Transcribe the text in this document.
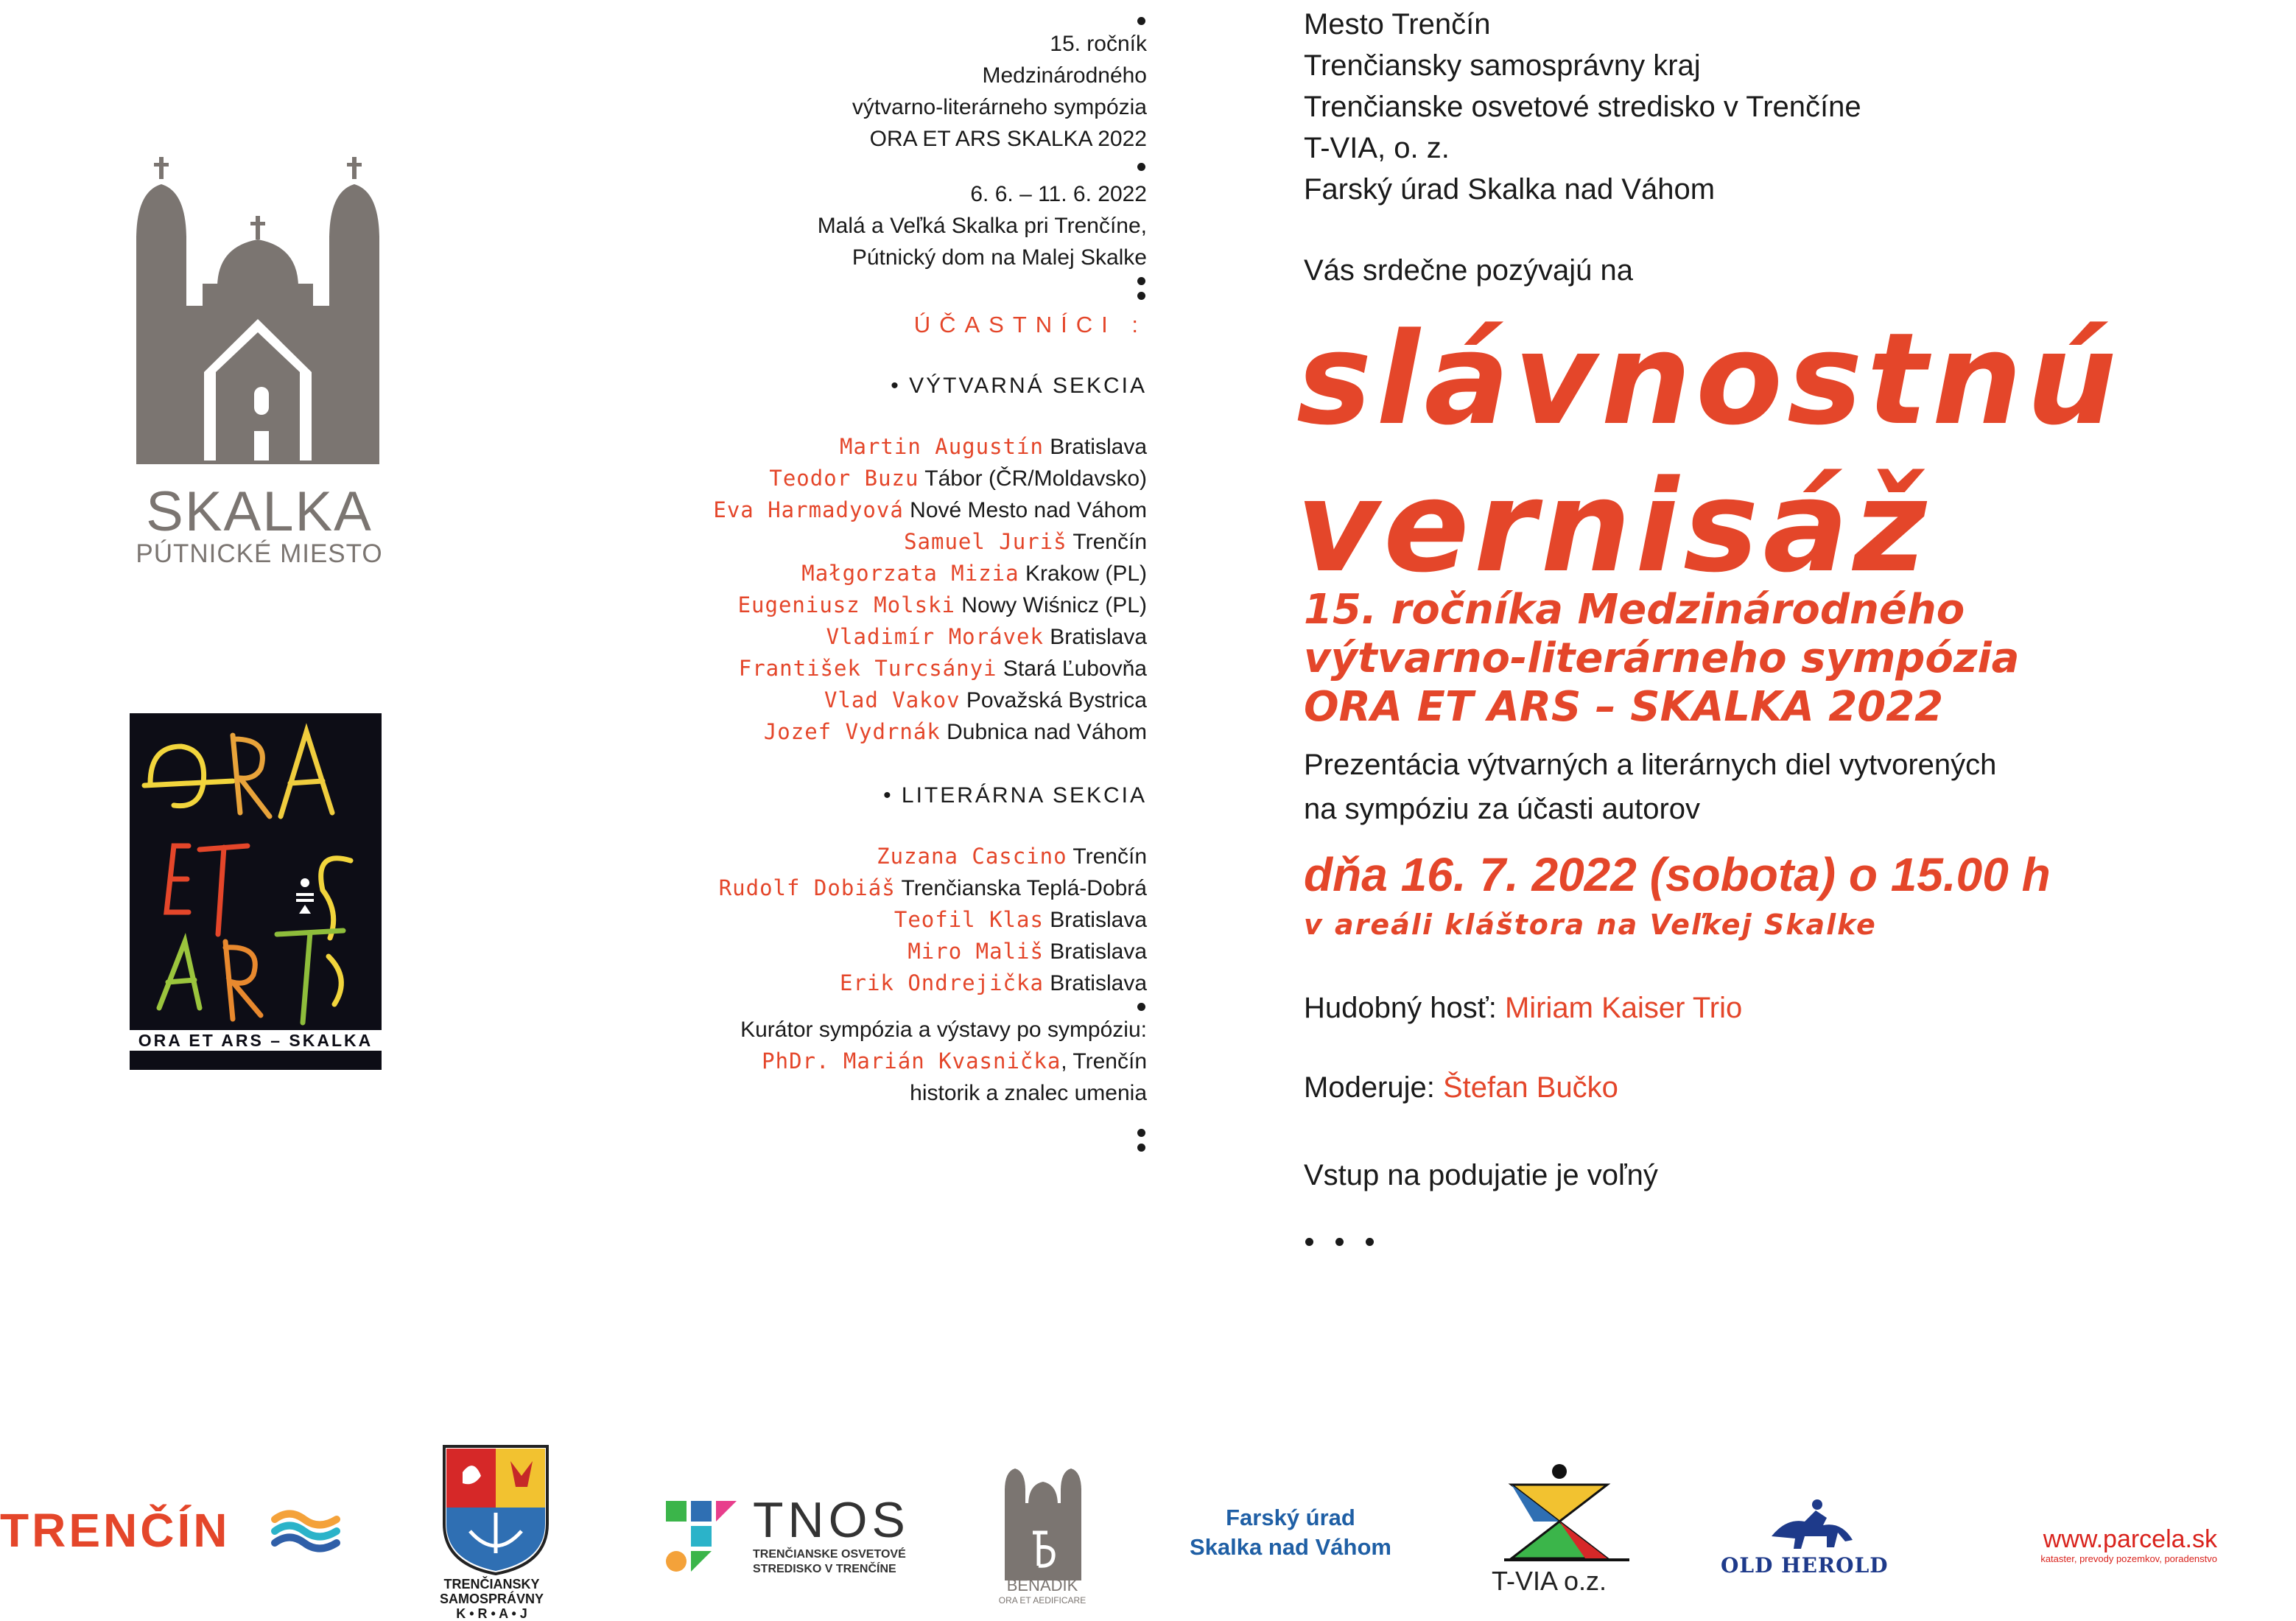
SKALKA
PÚTNICKÉ MIESTO
ORA ET ARS – SKALKA

15. ročník

Medzinárodného

výtvarno-literárneho sympózia

ORA ET ARS SKALKA 2022

6. 6. – 11. 6. 2022

Malá a Veľká Skalka pri Trenčíne,

Pútnický dom na Malej Skalke

ÚČASTNÍCI :

• VÝTVARNÁ SEKCIA

Martin Augustín Bratislava

Teodor Buzu Tábor (ČR/Moldavsko)

Eva Harmadyová Nové Mesto nad Váhom

Samuel Juriš Trenčín

Małgorzata Mizia Krakow (PL)

Eugeniusz Molski Nowy Wiśnicz (PL)

Vladimír Morávek Bratislava

František Turcsányi Stará Ľubovňa

Vlad Vakov Považská Bystrica

Jozef Vydrnák Dubnica nad Váhom

• LITERÁRNA SEKCIA

Zuzana Cascino Trenčín

Rudolf Dobiáš Trenčianska Teplá-Dobrá

Teofil Klas Bratislava

Miro Mališ Bratislava

Erik Ondrejička Bratislava

Kurátor sympózia a výstavy po sympóziu:

PhDr. Marián Kvasnička, Trenčín

historik a znalec umenia

Mesto Trenčín
Trenčiansky samosprávny kraj
Trenčianske osvetové stredisko v Trenčíne
T-VIA, o. z.
Farský úrad Skalka nad Váhom
Vás srdečne pozývajú na
slávnostnú
vernisáž
15. ročníka Medzinárodného
výtvarno-literárneho sympózia
ORA ET ARS – SKALKA 2022
Prezentácia výtvarných a literárnych diel vytvorených
na sympóziu za účasti autorov
dňa 16. 7. 2022 (sobota) o 15.00 h
v areáli kláštora na Veľkej Skalke
Hudobný hosť: Miriam Kaiser Trio
Moderuje: Štefan Bučko
Vstup na podujatie je voľný
TRENČÍN
TRENČIANSKY
SAMOSPRÁVNY
K • R • A • J
TNOS
TRENČIANSKE OSVETOVÉ
STREDISKO V TRENČÍNE
BEŇADIK
ORA ET AEDIFICARE
Farský úrad
Skalka nad Váhom
T-VIA o.z.
OLD HEROLD
www.parcela.sk
kataster, prevody pozemkov, poradenstvo
